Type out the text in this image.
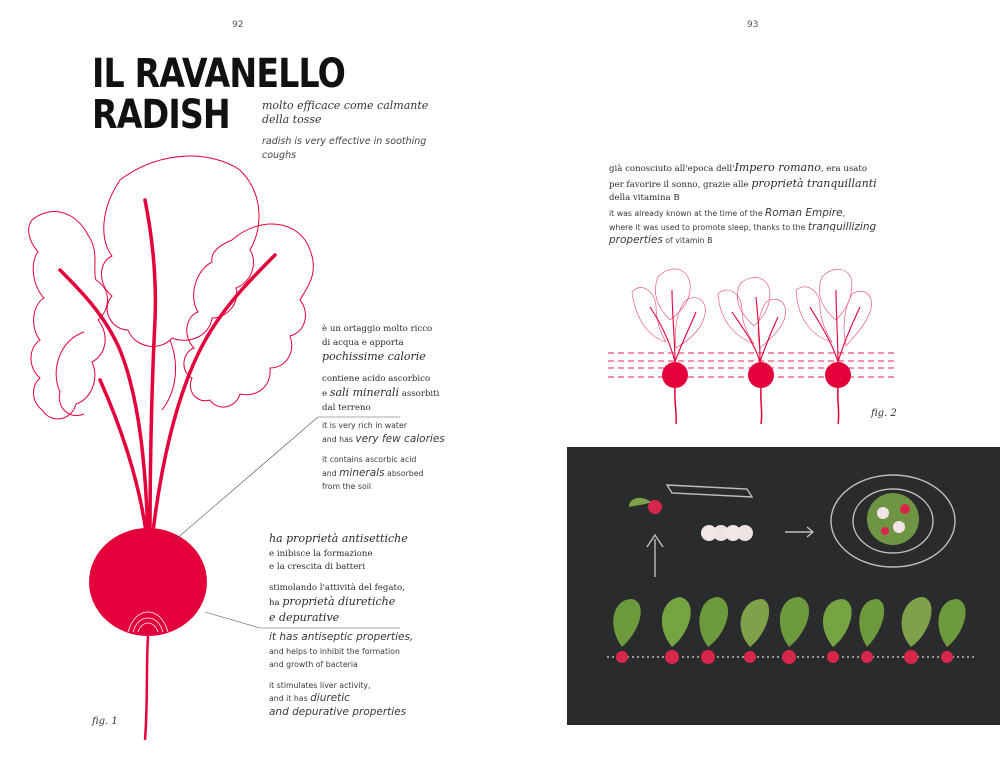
92	93
IL RAVANELLO
RADISH	molto efficace come calmante
della tosse
radish is very effective in soothing
coughs
fig. 1

è un ortaggio molto ricco

di acqua e apporta

pochissime calorie

contiene acido ascorbico

e sali minerali assorbiti

dal terreno

it is very rich in water

and has very few calories

it contains ascorbic acid

and minerals absorbed

from the soil

ha proprietà antisettiche

e inibisce la formazione

e la crescita di batteri

stimolando l'attività del fegato,

ha proprietà diuretiche

e depurative

it has antiseptic properties,

and helps to inhibit the formation

and growth of bacteria

it stimulates liver activity,

and it has diuretic

and depurative properties

già conosciuto all'epoca dell'Impero romano, era usato

per favorire il sonno, grazie alle proprietà tranquillanti

della vitamina B

it was already known at the time of the Roman Empire,

where it was used to promote sleep, thanks to the tranquillizing

properties of vitamin B

fig. 2
